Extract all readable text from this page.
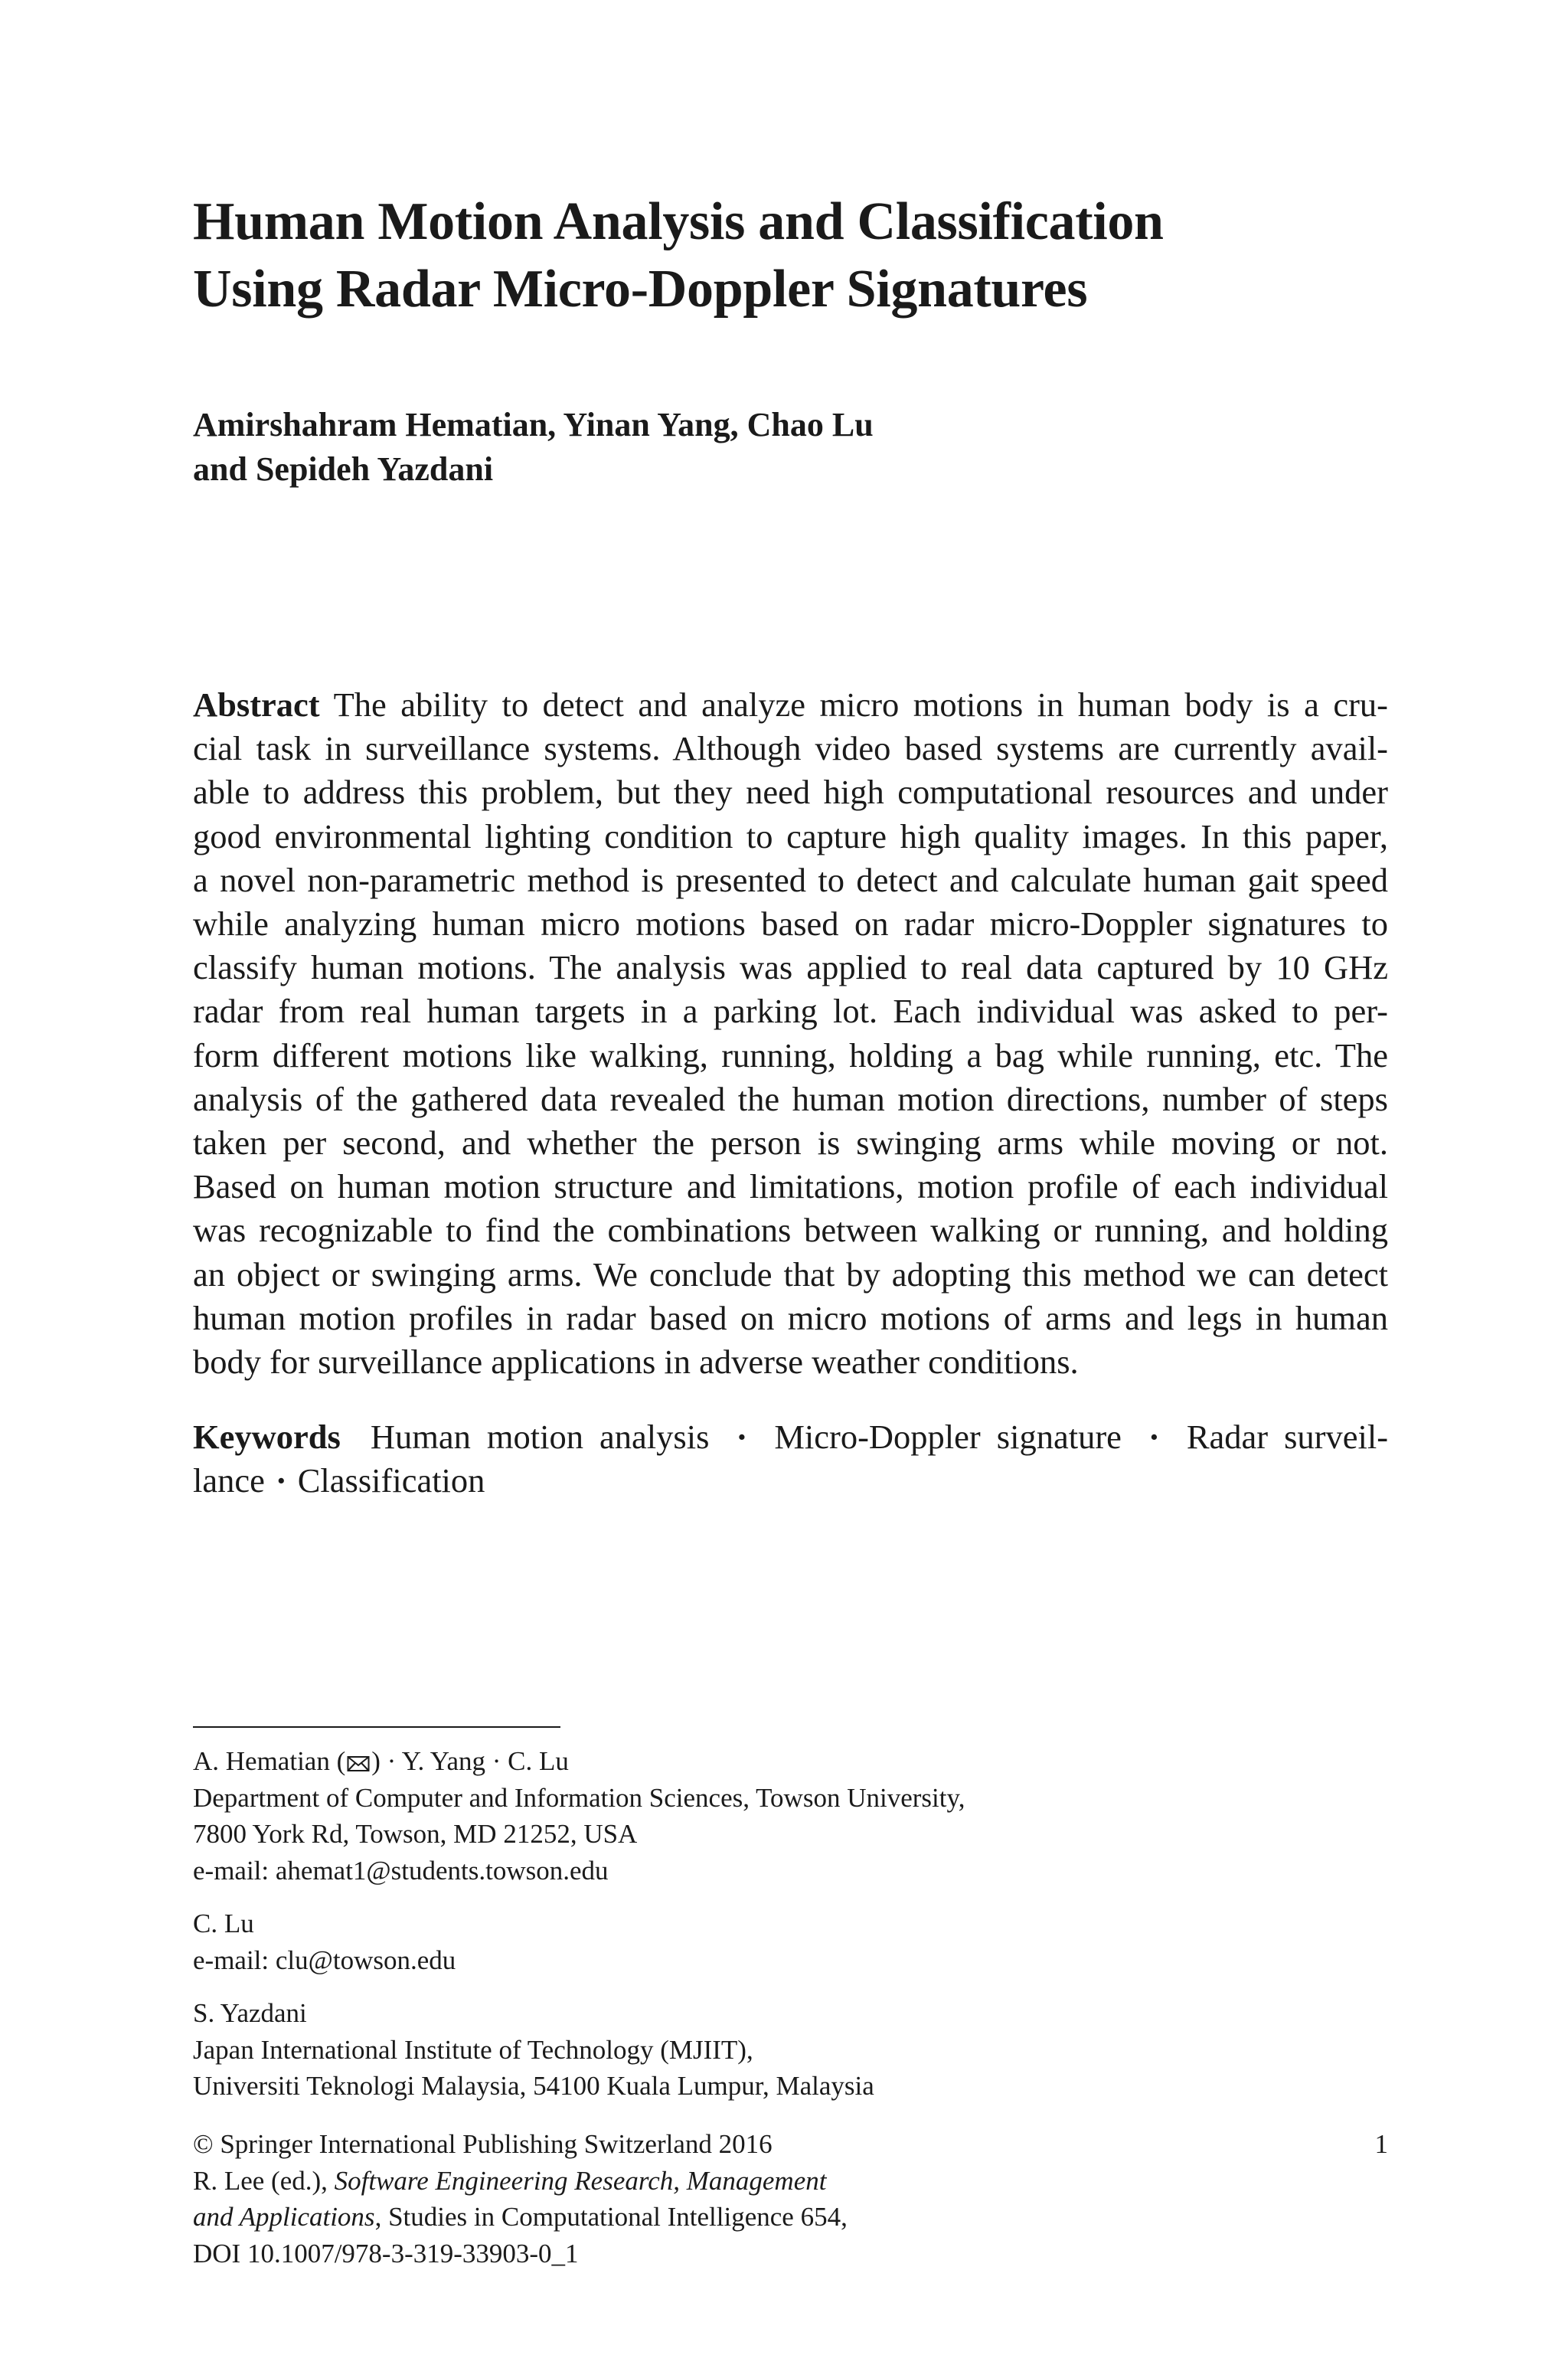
Human Motion Analysis and Classification
Using Radar Micro-Doppler Signatures
Amirshahram Hematian, Yinan Yang, Chao Lu
and Sepideh Yazdani
Abstract The ability to detect and analyze micro motions in human body is a cru-
cial task in surveillance systems. Although video based systems are currently avail-
able to address this problem, but they need high computational resources and under
good environmental lighting condition to capture high quality images. In this paper,
a novel non-parametric method is presented to detect and calculate human gait speed
while analyzing human micro motions based on radar micro-Doppler signatures to
classify human motions. The analysis was applied to real data captured by 10 GHz
radar from real human targets in a parking lot. Each individual was asked to per-
form different motions like walking, running, holding a bag while running, etc. The
analysis of the gathered data revealed the human motion directions, number of steps
taken per second, and whether the person is swinging arms while moving or not.
Based on human motion structure and limitations, motion profile of each individual
was recognizable to find the combinations between walking or running, and holding
an object or swinging arms. We conclude that by adopting this method we can detect
human motion profiles in radar based on micro motions of arms and legs in human
body for surveillance applications in adverse weather conditions.
Keywords Human motion analysis · Micro-Doppler signature · Radar surveil-
lance · Classification
A. Hematian ( ) · Y. Yang · C. Lu
Department of Computer and Information Sciences, Towson University,
7800 York Rd, Towson, MD 21252, USA
e-mail: ahemat1@students.towson.edu
C. Lu
e-mail: clu@towson.edu
S. Yazdani
Japan International Institute of Technology (MJIIT),
Universiti Teknologi Malaysia, 54100 Kuala Lumpur, Malaysia
© Springer International Publishing Switzerland 2016
R. Lee (ed.), Software Engineering Research, Management
and Applications, Studies in Computational Intelligence 654,
DOI 10.1007/978-3-319-33903-0_1
1
